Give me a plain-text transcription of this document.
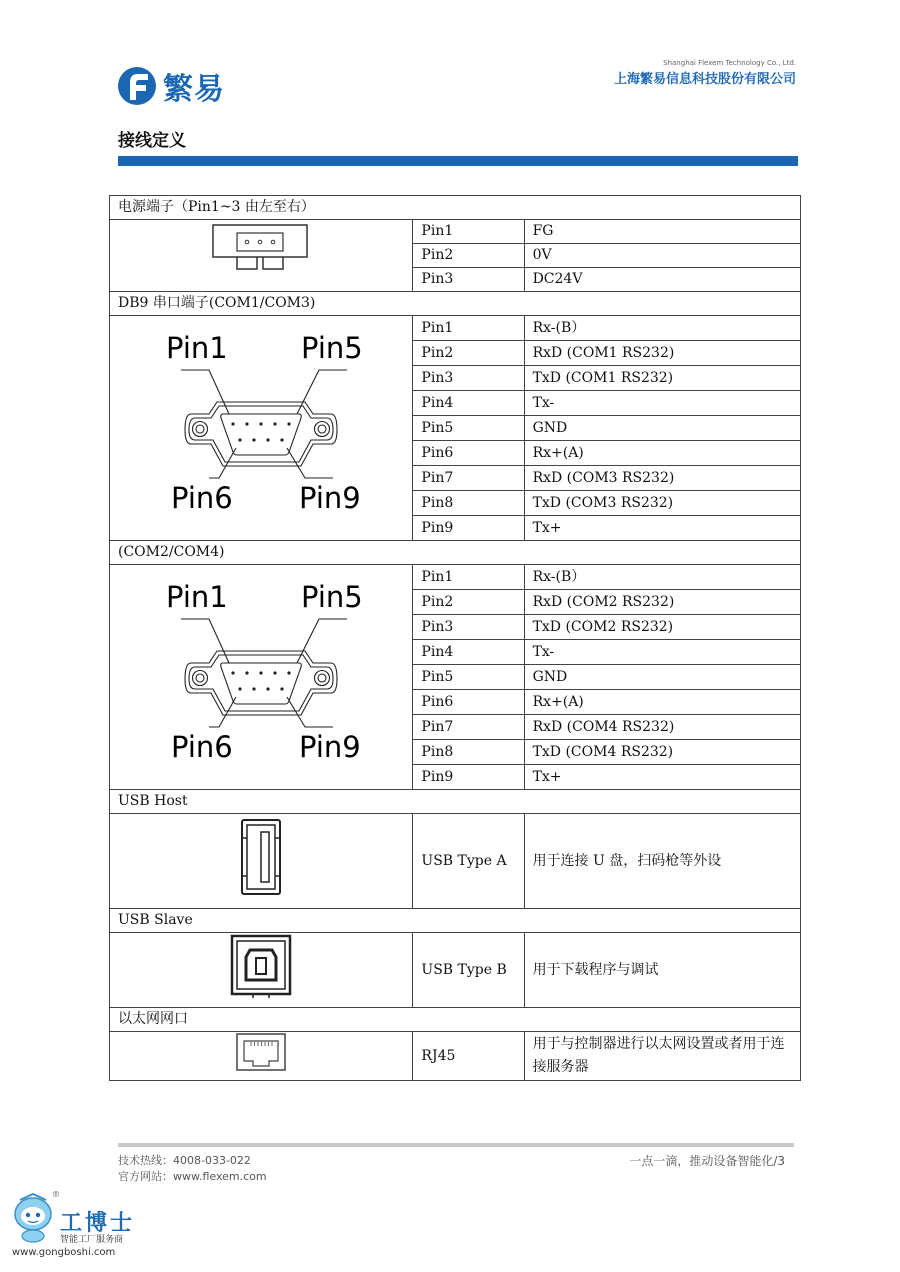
繁易
Shanghai Flexem Technology Co., Ltd.
上海繁易信息科技股份有限公司
接线定义
电源端子（Pin1~3 由左至右）		
	Pin1	FG
	Pin2	0V
	Pin3	DC24V
DB9 串口端子(COM1/COM3)		

Pin1 Pin5
Pin6 Pin9	Pin1	Rx-(B）
	Pin2	RxD (COM1 RS232)
	Pin3	TxD (COM1 RS232)
	Pin4	Tx-
	Pin5	GND
	Pin6	Rx+(A)
	Pin7	RxD (COM3 RS232)
	Pin8	TxD (COM3 RS232)
	Pin9	Tx+
(COM2/COM4)		

Pin1 Pin5
Pin6 Pin9	Pin1	Rx-(B）
	Pin2	RxD (COM2 RS232)
	Pin3	TxD (COM2 RS232)
	Pin4	Tx-
	Pin5	GND
	Pin6	Rx+(A)
	Pin7	RxD (COM4 RS232)
	Pin8	TxD (COM4 RS232)
	Pin9	Tx+
USB Host		
	USB Type A	用于连接 U 盘，扫码枪等外设
USB Slave		
	USB Type B	用于下载程序与调试
以太网网口		
	RJ45	用于与控制器进行以太网设置或者用于连接服务器
技术热线：4008-033-022
官方网站：www.flexem.com
一点一滴，推动设备智能化/3
®
工博士
智能工厂服务商
www.gongboshi.com
